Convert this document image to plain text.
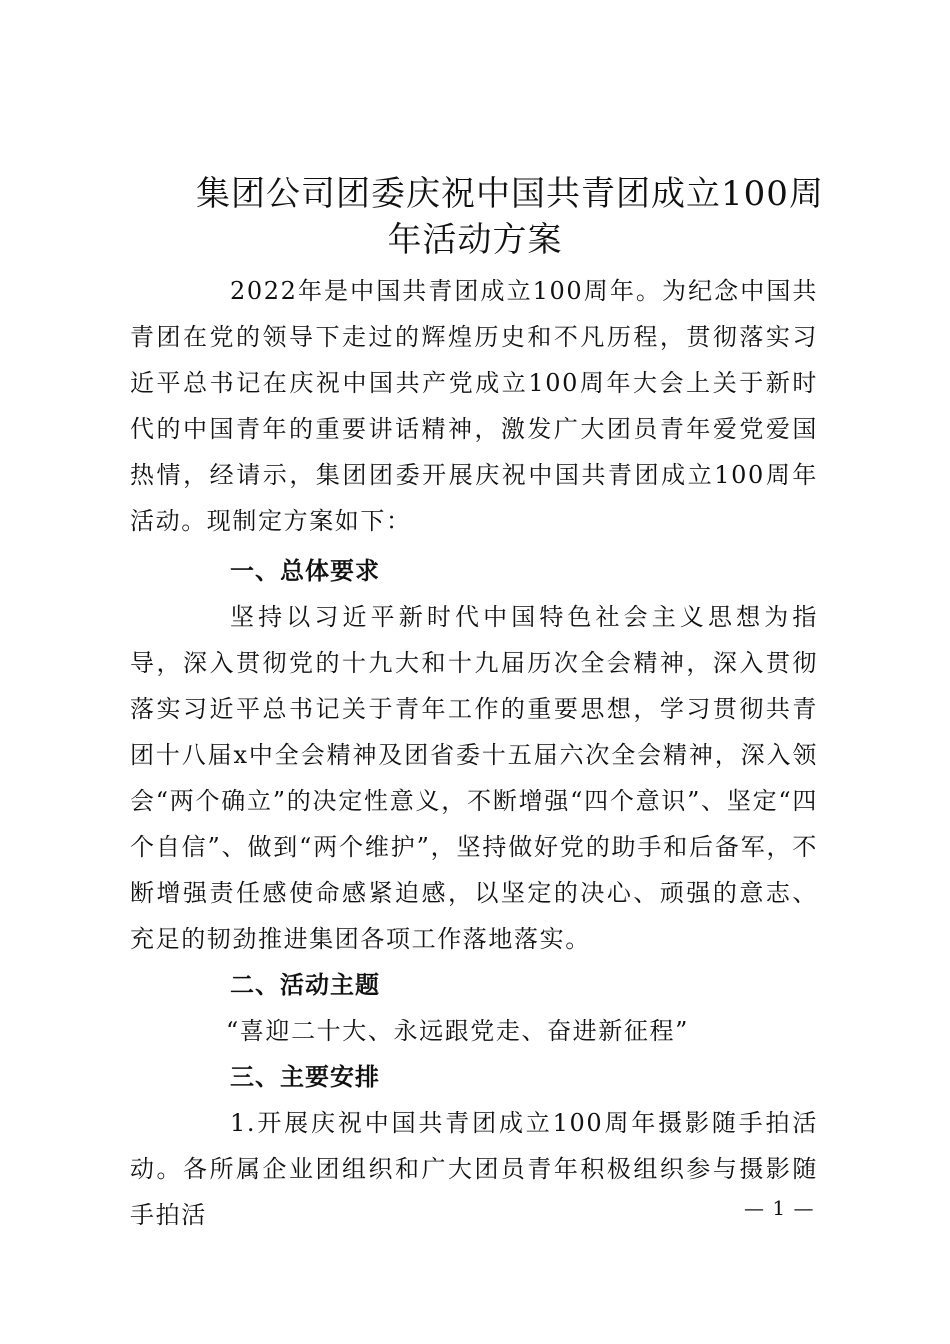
集团公司团委庆祝中国共青团成立100周
年活动方案

2022年是中国共青团成立100周年。为纪念中国共青团在党的领导下走过的辉煌历史和不凡历程，贯彻落实习近平总书记在庆祝中国共产党成立100周年大会上关于新时代的中国青年的重要讲话精神，激发广大团员青年爱党爱国热情，经请示，集团团委开展庆祝中国共青团成立100周年活动。现制定方案如下：

一、总体要求

坚持以习近平新时代中国特色社会主义思想为指导，深入贯彻党的十九大和十九届历次全会精神，深入贯彻落实习近平总书记关于青年工作的重要思想，学习贯彻共青团十八届x中全会精神及团省委十五届六次全会精神，深入领会“两个确立”的决定性意义，不断增强“四个意识”、坚定“四个自信”、做到“两个维护”，坚持做好党的助手和后备军，不断增强责任感使命感紧迫感，以坚定的决心、顽强的意志、充足的韧劲推进集团各项工作落地落实。

二、活动主题

“喜迎二十大、永远跟党走、奋进新征程”

三、主要安排

1.开展庆祝中国共青团成立100周年摄影随手拍活动。各所属企业团组织和广大团员青年积极组织参与摄影随手拍活	— 1 —
